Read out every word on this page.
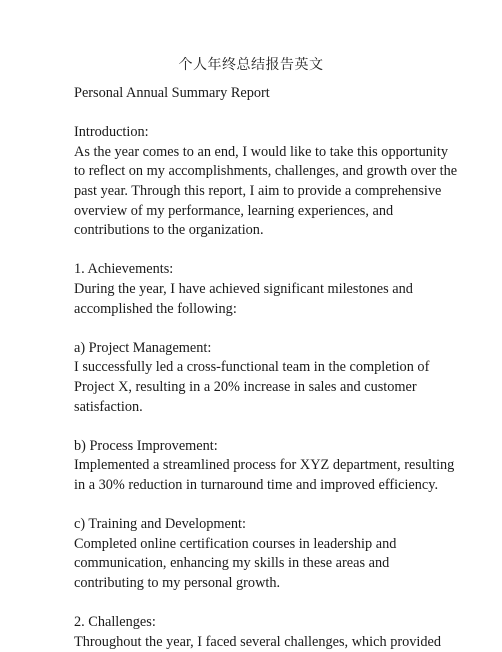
个人年终总结报告英文
Personal Annual Summary Report
Introduction:
As the year comes to an end, I would like to take this opportunity
to reflect on my accomplishments, challenges, and growth over the
past year. Through this report, I aim to provide a comprehensive
overview of my performance, learning experiences, and
contributions to the organization.
1. Achievements:
During the year, I have achieved significant milestones and
accomplished the following:
a) Project Management:
I successfully led a cross-functional team in the completion of
Project X, resulting in a 20% increase in sales and customer
satisfaction.
b) Process Improvement:
Implemented a streamlined process for XYZ department, resulting
in a 30% reduction in turnaround time and improved efficiency.
c) Training and Development:
Completed online certification courses in leadership and
communication, enhancing my skills in these areas and
contributing to my personal growth.
2. Challenges:
Throughout the year, I faced several challenges, which provided
